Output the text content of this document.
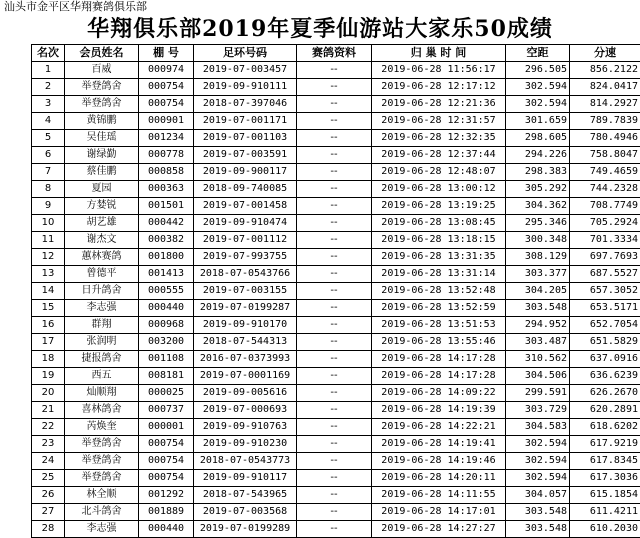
汕头市金平区华翔赛鸽俱乐部
华翔俱乐部2019年夏季仙游站大家乐50成绩
名次	会员姓名	棚 号	足环号码	赛鸽资料	归 巢 时 间	空距	分速
1	百威	000974	2019-07-003457	--	2019-06-28 11:56:17	296.505	856.2122
2	举登鸽舍	000754	2019-09-910111	--	2019-06-28 12:17:12	302.594	824.0417
3	举登鸽舍	000754	2018-07-397046	--	2019-06-28 12:21:36	302.594	814.2927
4	黄锦鹏	000901	2019-07-001171	--	2019-06-28 12:31:57	301.659	789.7839
5	吴佳瑶	001234	2019-07-001103	--	2019-06-28 12:32:35	298.605	780.4946
6	谢绿勤	000778	2019-07-003591	--	2019-06-28 12:37:44	294.226	758.8047
7	蔡佳鹏	000858	2019-09-900117	--	2019-06-28 12:48:07	298.383	749.4659
8	夏园	000363	2018-09-740085	--	2019-06-28 13:00:12	305.292	744.2328
9	方婪锐	001501	2019-07-001458	--	2019-06-28 13:19:25	304.362	708.7749
10	胡艺雄	000442	2019-09-910474	--	2019-06-28 13:08:45	295.346	705.2924
11	谢杰文	000382	2019-07-001112	--	2019-06-28 13:18:15	300.348	701.3334
12	蕙林赛鸽	001800	2019-07-993755	--	2019-06-28 13:31:35	308.129	697.7693
13	曾德平	001413	2018-07-0543766	--	2019-06-28 13:31:14	303.377	687.5527
14	日升鸽舍	000555	2019-07-003155	--	2019-06-28 13:52:48	304.205	657.3052
15	李志强	000440	2019-07-0199287	--	2019-06-28 13:52:59	303.548	653.5171
16	群翔	000968	2019-09-910170	--	2019-06-28 13:51:53	294.952	652.7054
17	张润明	003200	2018-07-544313	--	2019-06-28 13:55:46	303.487	651.5829
18	捷报鸽舍	001108	2016-07-0373993	--	2019-06-28 14:17:28	310.562	637.0916
19	西五	008181	2019-07-0001169	--	2019-06-28 14:17:28	304.506	636.6239
20	灿顺翔	000025	2019-09-005616	--	2019-06-28 14:09:22	299.591	626.2670
21	喜林鸽舍	000737	2019-07-000693	--	2019-06-28 14:19:39	303.729	620.2891
22	芮焕奎	000001	2019-09-910763	--	2019-06-28 14:22:21	304.583	618.6202
23	举登鸽舍	000754	2019-09-910230	--	2019-06-28 14:19:41	302.594	617.9219
24	举登鸽舍	000754	2018-07-0543773	--	2019-06-28 14:19:46	302.594	617.8345
25	举登鸽舍	000754	2019-09-910117	--	2019-06-28 14:20:11	302.594	617.3036
26	林全顺	001292	2018-07-543965	--	2019-06-28 14:11:55	304.057	615.1854
27	北斗鸽舍	001889	2019-07-003568	--	2019-06-28 14:17:01	303.548	611.4211
28	李志强	000440	2019-07-0199289	--	2019-06-28 14:27:27	303.548	610.2030
